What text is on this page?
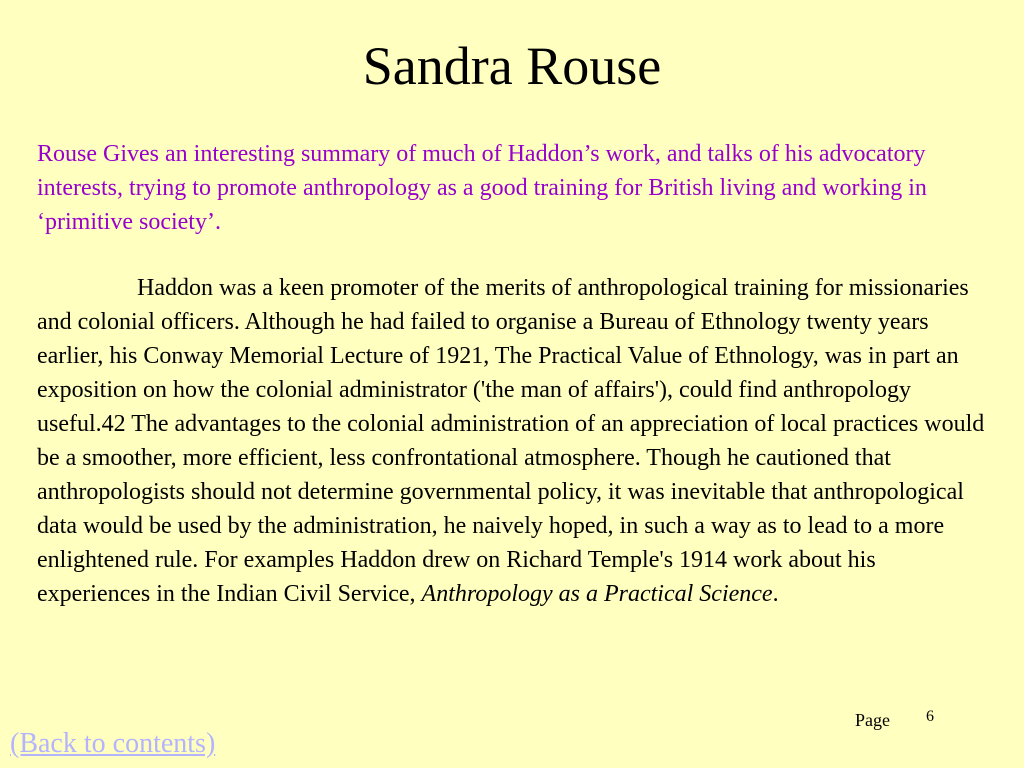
Sandra Rouse

Rouse Gives an interesting summary of much of Haddon’s work, and talks of his advocatory interests, trying to promote anthropology as a good training for British living and working in ‘primitive society’.

Haddon was a keen promoter of the merits of anthropological training for missionaries and colonial officers. Although he had failed to organise a Bureau of Ethnology twenty years earlier, his Conway Memorial Lecture of 1921, The Practical Value of Ethnology, was in part an exposition on how the colonial administrator ('the man of affairs'), could find anthropology useful.42 The advantages to the colonial administration of an appreciation of local practices would be a smoother, more efficient, less confrontational atmosphere. Though he cautioned that anthropologists should not determine governmental policy, it was inevitable that anthropological data would be used by the administration, he naively hoped, in such a way as to lead to a more enlightened rule. For examples Haddon drew on Richard Temple's 1914 work about his experiences in the Indian Civil Service, Anthropology as a Practical Science.

Page 6
(Back to contents)
